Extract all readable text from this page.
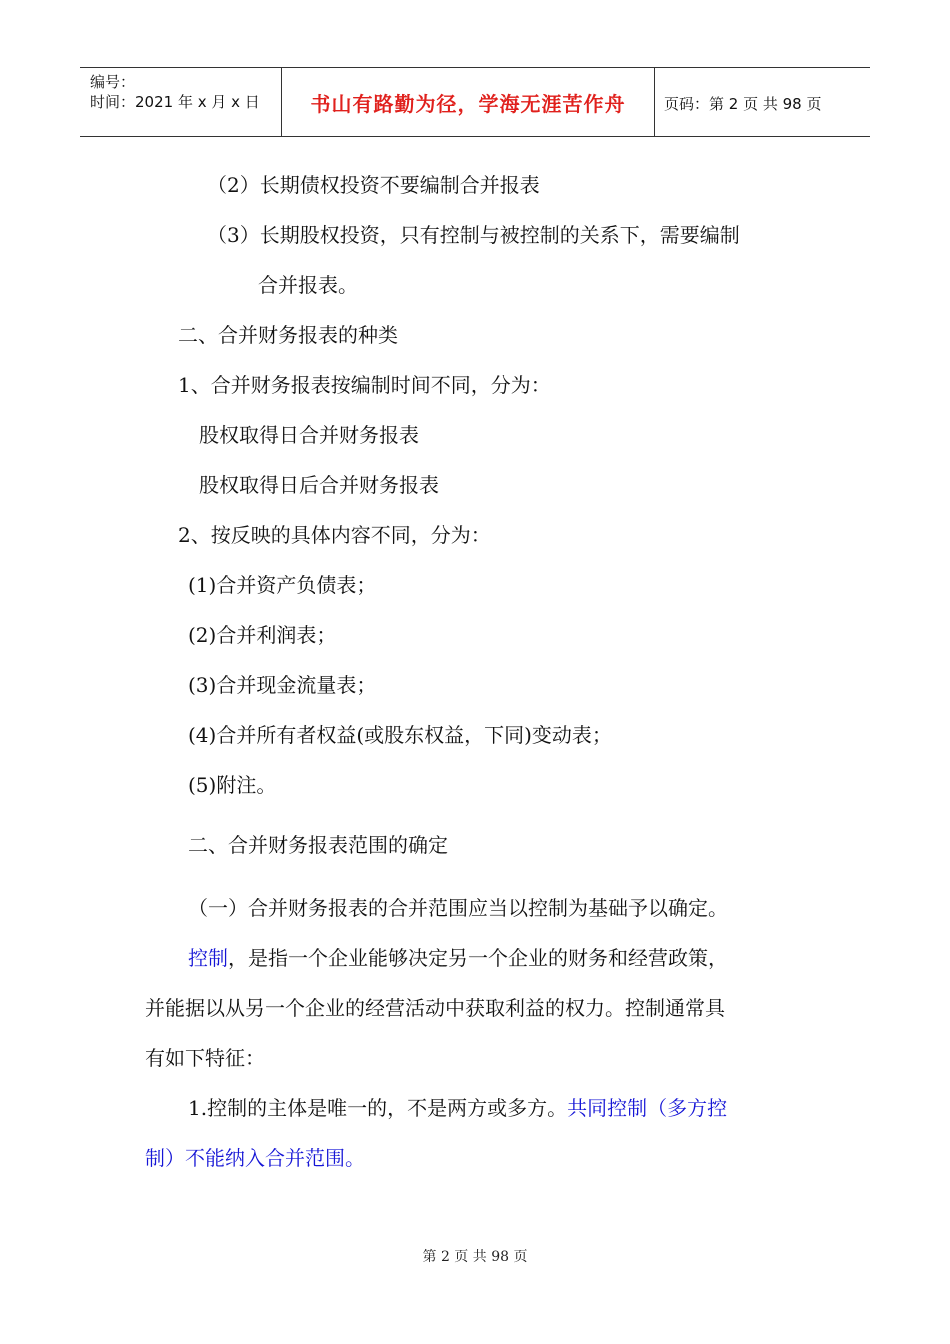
编号：
时间：2021 年 x 月 x 日	书山有路勤为径，学海无涯苦作舟	页码：第 2 页 共 98 页
（2）长期债权投资不要编制合并报表
（3）长期股权投资，只有控制与被控制的关系下，需要编制
合并报表。
二、合并财务报表的种类
1、合并财务报表按编制时间不同，分为：
股权取得日合并财务报表
股权取得日后合并财务报表
2、按反映的具体内容不同，分为：
(1)合并资产负债表；
(2)合并利润表；
(3)合并现金流量表；
(4)合并所有者权益(或股东权益，下同)变动表；
(5)附注。
二、合并财务报表范围的确定
（一）合并财务报表的合并范围应当以控制为基础予以确定。
控制，是指一个企业能够决定另一个企业的财务和经营政策，
并能据以从另一个企业的经营活动中获取利益的权力。控制通常具
有如下特征：
1.控制的主体是唯一的，不是两方或多方。共同控制（多方控
制）不能纳入合并范围。
第 2 页 共 98 页
